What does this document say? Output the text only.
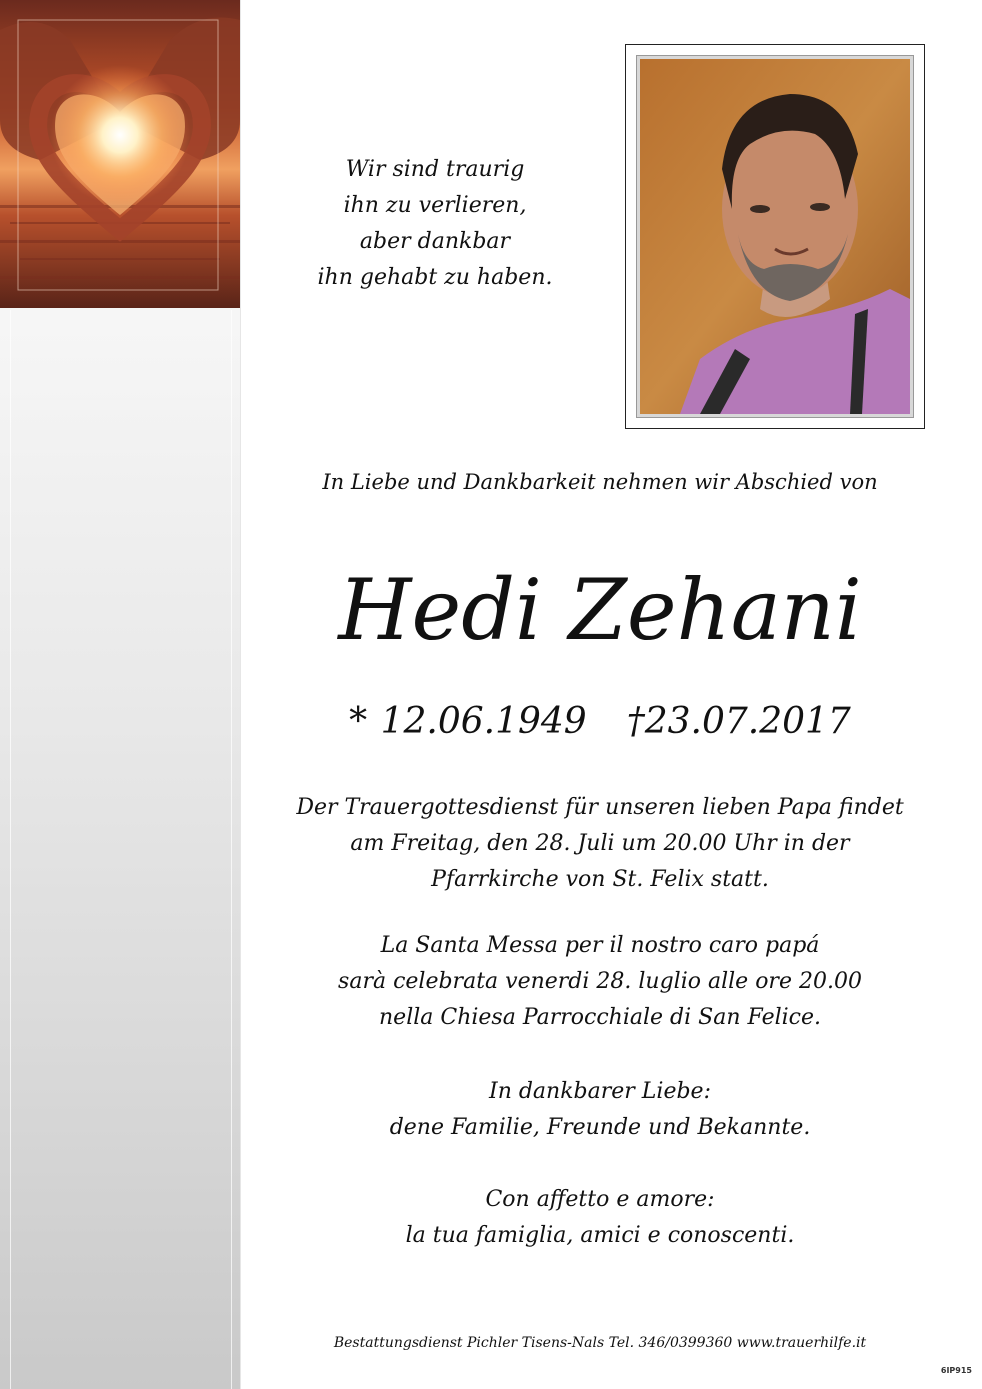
Wir sind traurig
ihn zu verlieren,
aber dankbar
ihn gehabt zu haben.
In Liebe und Dankbarkeit nehmen wir Abschied von
Hedi Zehani
* 12.06.1949 †23.07.2017
Der Trauergottesdienst für unseren lieben Papa findet
am Freitag, den 28. Juli um 20.00 Uhr in der
Pfarrkirche von St. Felix statt.
La Santa Messa per il nostro caro papá
sarà celebrata venerdi 28. luglio alle ore 20.00
nella Chiesa Parrocchiale di San Felice.
In dankbarer Liebe:
dene Familie, Freunde und Bekannte.
Con affetto e amore:
la tua famiglia, amici e conoscenti.
Bestattungsdienst Pichler Tisens-Nals Tel. 346/0399360 www.trauerhilfe.it
6IP915
